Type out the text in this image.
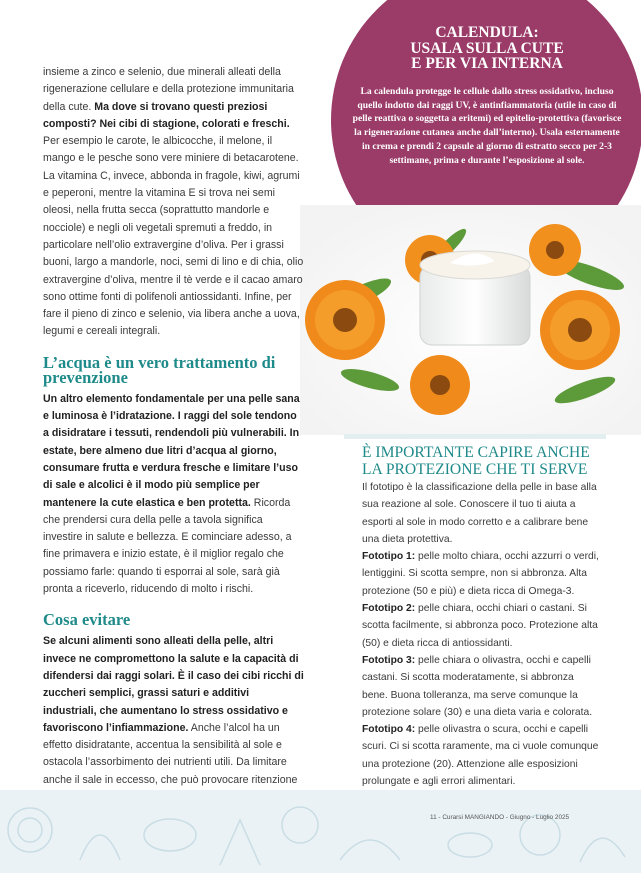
CALENDULA:
USALA SULLA CUTE
E PER VIA INTERNA
La calendula protegge le cellule dallo stress ossidativo, incluso quello indotto dai raggi UV, è antinfiammatoria (utile in caso di pelle reattiva o soggetta a eritemi) ed epitelio-protettiva (favorisce la rigenerazione cutanea anche dall’interno). Usala esternamente in crema e prendi 2 capsule al giorno di estratto secco per 2-3 settimane, prima e durante l’esposizione al sole.

insieme a zinco e selenio, due minerali alleati della rigenerazione cellulare e della protezione immunitaria della cute. Ma dove si trovano questi preziosi composti? Nei cibi di stagione, colorati e freschi. Per esempio le carote, le albicocche, il melone, il mango e le pesche sono vere miniere di betacarotene. La vitamina C, invece, abbonda in fragole, kiwi, agrumi e peperoni, mentre la vitamina E si trova nei semi oleosi, nella frutta secca (soprattutto mandorle e nocciole) e negli oli vegetali spremuti a freddo, in particolare nell’olio extravergine d’oliva. Per i grassi buoni, largo a mandorle, noci, semi di lino e di chia, olio extravergine d’oliva, mentre il tè verde e il cacao amaro sono ottime fonti di polifenoli antiossidanti. Infine, per fare il pieno di zinco e selenio, via libera anche a uova, legumi e cereali integrali.

L’acqua è un vero trattamento di prevenzione

Un altro elemento fondamentale per una pelle sana e luminosa è l’idratazione. I raggi del sole tendono a disidratare i tessuti, rendendoli più vulnerabili. In estate, bere almeno due litri d’acqua al giorno, consumare frutta e verdura fresche e limitare l’uso di sale e alcolici è il modo più semplice per mantenere la cute elastica e ben protetta. Ricorda che prendersi cura della pelle a tavola significa investire in salute e bellezza. E cominciare adesso, a fine primavera e inizio estate, è il miglior regalo che possiamo farle: quando ti esporrai al sole, sarà già pronta a riceverlo, riducendo di molto i rischi.

Cosa evitare

Se alcuni alimenti sono alleati della pelle, altri invece ne compromettono la salute e la capacità di difendersi dai raggi solari. È il caso dei cibi ricchi di zuccheri semplici, grassi saturi e additivi industriali, che aumentano lo stress ossidativo e favoriscono l’infiammazione. Anche l’alcol ha un effetto disidratante, accentua la sensibilità al sole e ostacola l’assorbimento dei nutrienti utili. Da limitare anche il sale in eccesso, che può provocare ritenzione

È IMPORTANTE CAPIRE ANCHE LA PROTEZIONE CHE TI SERVE

Il fototipo è la classificazione della pelle in base alla sua reazione al sole. Conoscere il tuo ti aiuta a esporti al sole in modo corretto e a calibrare bene una dieta protettiva.

Fototipo 1: pelle molto chiara, occhi azzurri o verdi, lentiggini. Si scotta sempre, non si abbronza. Alta protezione (50 e più) e dieta ricca di Omega-3.

Fototipo 2: pelle chiara, occhi chiari o castani. Si scotta facilmente, si abbronza poco. Protezione alta (50) e dieta ricca di antiossidanti.

Fototipo 3: pelle chiara o olivastra, occhi e capelli castani. Si scotta moderatamente, si abbronza bene. Buona tolleranza, ma serve comunque la protezione solare (30) e una dieta varia e colorata.

Fototipo 4: pelle olivastra o scura, occhi e capelli scuri. Ci si scotta raramente, ma ci vuole comunque una protezione (20). Attenzione alle esposizioni prolungate e agli errori alimentari.

11 - Curarsi MANGIANDO - Giugno - Luglio 2025
